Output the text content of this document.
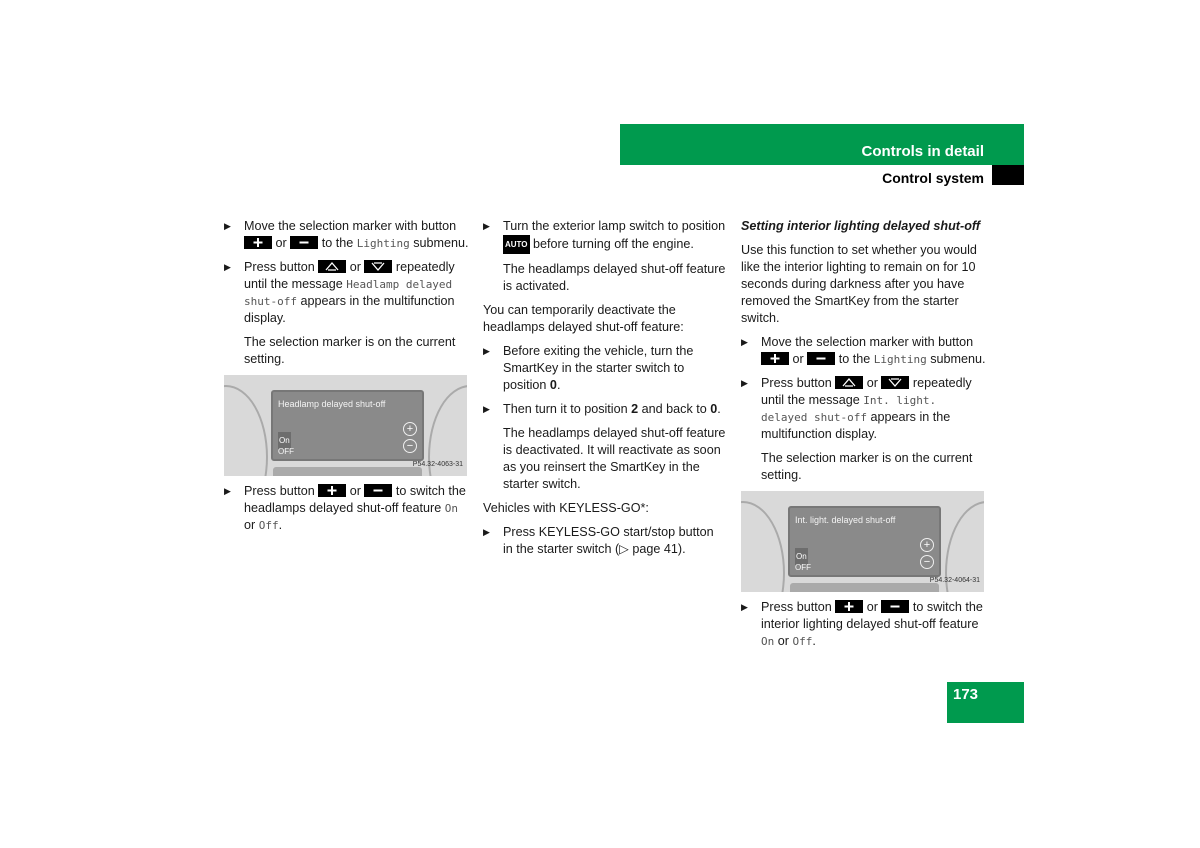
Controls in detail
Control system
▶ Move the selection marker with button
or	to the Lighting submenu.
▶ Press button	or	repeatedly until the message Headlamp delayed shut-off appears in the multifunction display.
The selection marker is on the current setting.
Headlamp delayed shut-off
On
OFF
+
−
P54.32-4063-31
▶ Press button	or	to switch the headlamps delayed shut-off feature On or Off.
▶ Turn the exterior lamp switch to position AUTO before turning off the engine.
The headlamps delayed shut-off feature is activated.
You can temporarily deactivate the headlamps delayed shut-off feature:
▶ Before exiting the vehicle, turn the SmartKey in the starter switch to position 0.
▶ Then turn it to position 2 and back to 0.
The headlamps delayed shut-off feature is deactivated. It will reactivate as soon as you reinsert the SmartKey in the starter switch.
Vehicles with KEYLESS-GO*:
▶ Press KEYLESS-GO start/stop button in the starter switch (▷ page 41).
Setting interior lighting delayed shut-off
Use this function to set whether you would like the interior lighting to remain on for 10 seconds during darkness after you have removed the SmartKey from the starter switch.
▶ Move the selection marker with button
or	to the Lighting submenu.
▶ Press button	or	repeatedly until the message Int. light. delayed shut-off appears in the multifunction display.
The selection marker is on the current setting.
Int. light. delayed shut-off
On
OFF
+
−
P54.32-4064-31
▶ Press button	or	to switch the interior lighting delayed shut-off feature On or Off.
173
